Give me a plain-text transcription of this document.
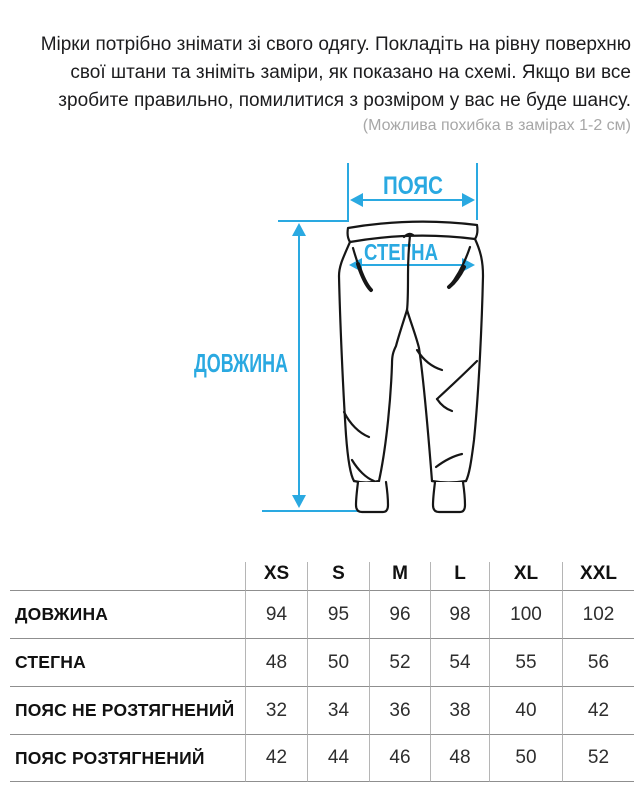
Мірки потрібно знімати зі свого одягу. Покладіть на рівну поверхню
свої штани та зніміть заміри, як показано на схемі. Якщо ви все
зробите правильно, помилитися з розміром у вас не буде шансу.
(Можлива похибка в замірах 1-2 см)
ПОЯС
СТЕГНА
ДОВЖИНА
XS	S	M	L	XL	XXL
ДОВЖИНА	94	95	96	98	100	102
СТЕГНА	48	50	52	54	55	56
ПОЯС НЕ РОЗТЯГНЕНИЙ	32	34	36	38	40	42
ПОЯС РОЗТЯГНЕНИЙ	42	44	46	48	50	52
